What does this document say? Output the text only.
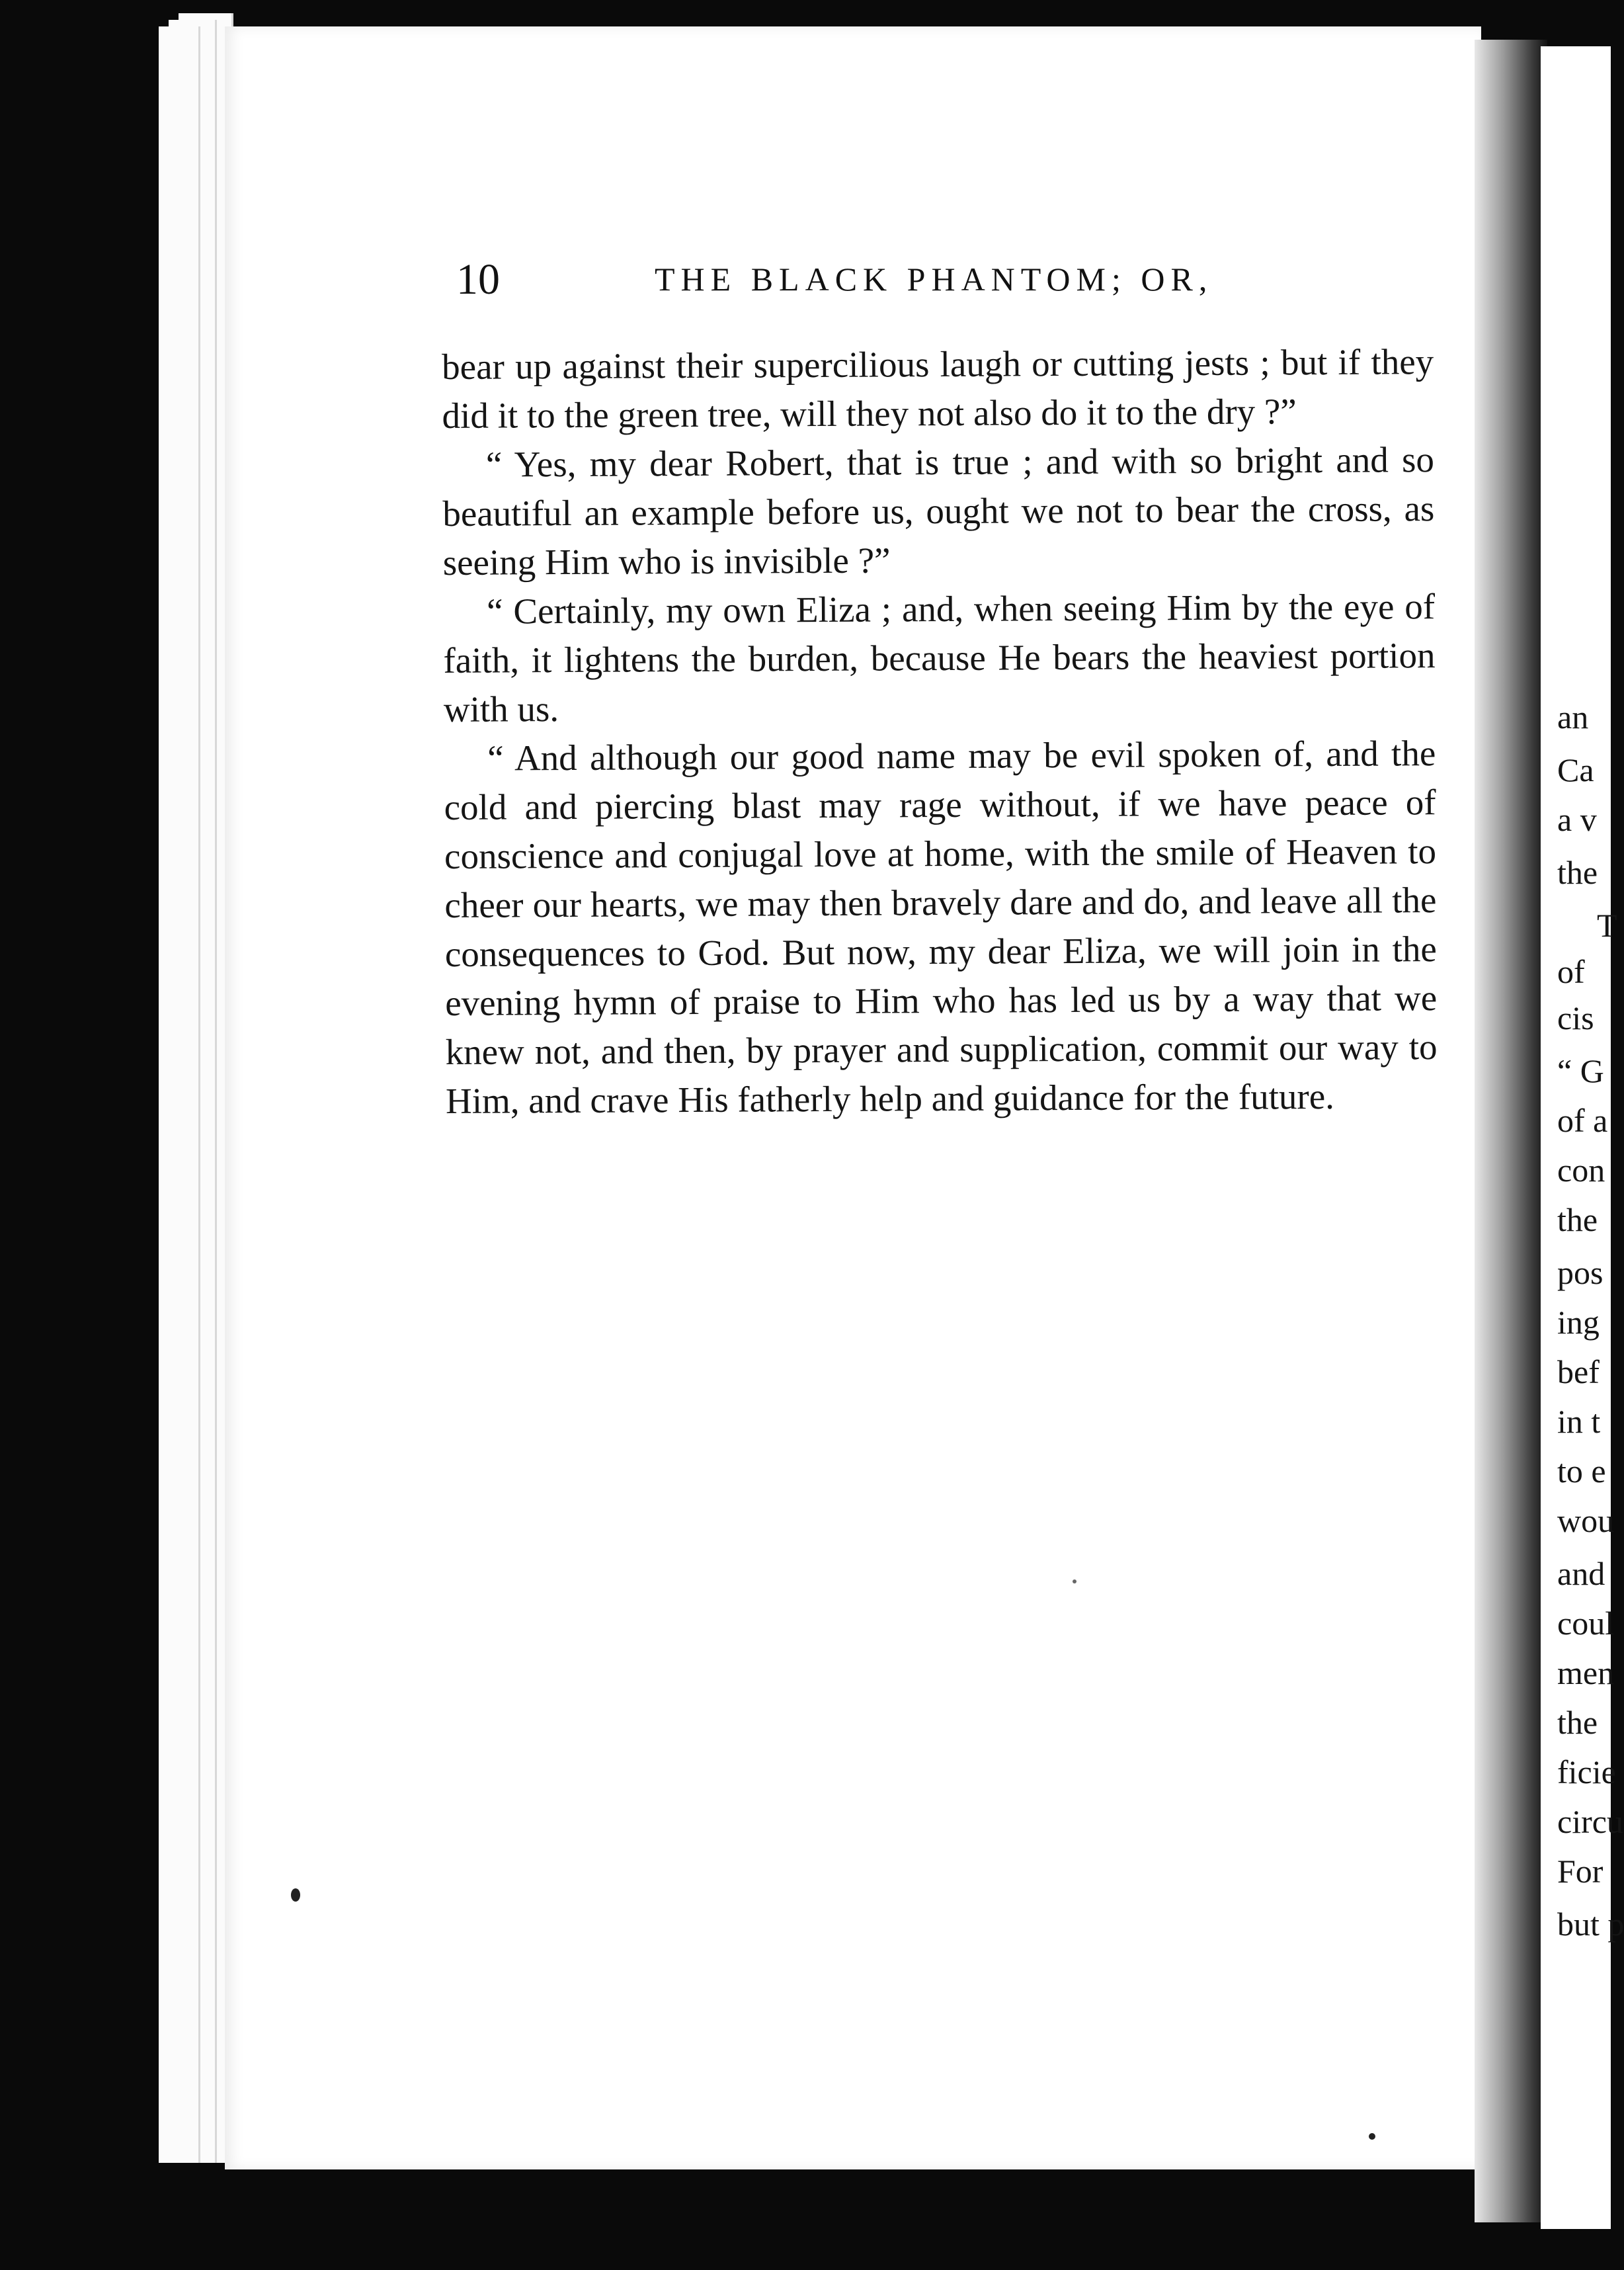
10	THE BLACK PHANTOM; OR,

bear up against their supercilious laugh or cutting jests ; but if they did it to the green tree, will they not also do it to the dry ?”

“ Yes, my dear Robert, that is true ; and with so bright and so beautiful an example before us, ought we not to bear the cross, as seeing Him who is invisible ?”

“ Certainly, my own Eliza ; and, when seeing Him by the eye of faith, it lightens the burden, because He bears the heaviest portion with us.

“ And although our good name may be evil spoken of, and the cold and piercing blast may rage without, if we have peace of conscience and conjugal love at home, with the smile of Heaven to cheer our hearts, we may then bravely dare and do, and leave all the consequences to God. But now, my dear Eliza, we will join in the evening hymn of praise to Him who has led us by a way that we knew not, and then, by prayer and supplication, commit our way to Him, and crave His fatherly help and guidance for the future.

an
Ca
a v
the
T
of
cis
“ G
of a
con
the
pos
ing
bef
in t
to e
wou
and
coul
men
the
ficie
circu
For
but p
